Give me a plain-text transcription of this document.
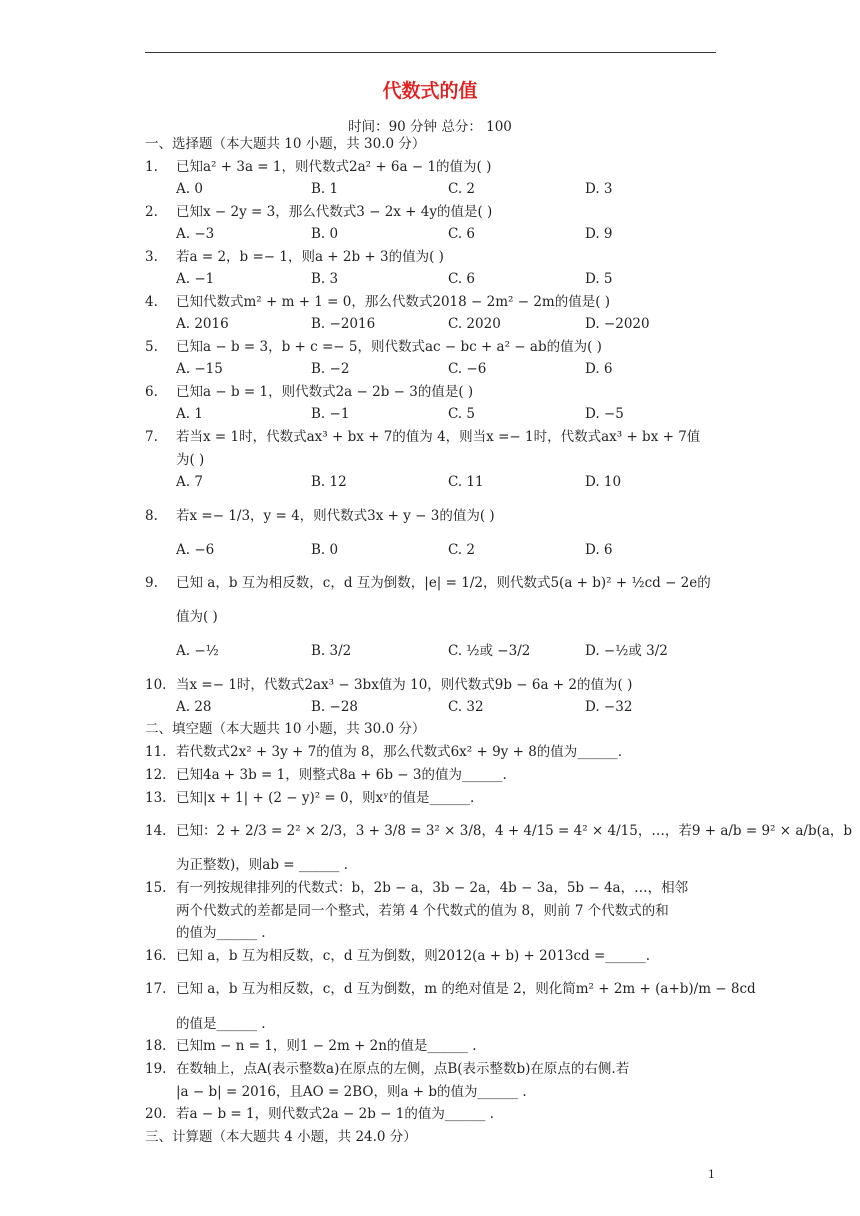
代数式的值
时间：90 分钟 总分： 100
一、选择题（本大题共 10 小题，共 30.0 分）
1. 已知a² + 3a = 1，则代数式2a² + 6a − 1的值为( )
A. 0	B. 1	C. 2	D. 3
2. 已知x − 2y = 3，那么代数式3 − 2x + 4y的值是( )
A. −3	B. 0	C. 6	D. 9
3. 若a = 2，b =− 1，则a + 2b + 3的值为( )
A. −1	B. 3	C. 6	D. 5
4. 已知代数式m² + m + 1 = 0，那么代数式2018 − 2m² − 2m的值是( )
A. 2016	B. −2016	C. 2020	D. −2020
5. 已知a − b = 3，b + c =− 5，则代数式ac − bc + a² − ab的值为( )
A. −15	B. −2	C. −6	D. 6
6. 已知a − b = 1，则代数式2a − 2b − 3的值是( )
A. 1	B. −1	C. 5	D. −5
7. 若当x = 1时，代数式ax³ + bx + 7的值为 4，则当x =− 1时，代数式ax³ + bx + 7值
为( )
A. 7	B. 12	C. 11	D. 10
8. 若x =− 1/3，y = 4，则代数式3x + y − 3的值为( )
A. −6	B. 0	C. 2	D. 6
9. 已知 a，b 互为相反数，c，d 互为倒数，|e| = 1/2，则代数式5(a + b)² + ½cd − 2e的
值为( )
A. −½	B. 3/2	C. ½或 −3/2	D. −½或 3/2
10. 当x =− 1时，代数式2ax³ − 3bx值为 10，则代数式9b − 6a + 2的值为( )
A. 28	B. −28	C. 32	D. −32
二、填空题（本大题共 10 小题，共 30.0 分）
11. 若代数式2x² + 3y + 7的值为 8，那么代数式6x² + 9y + 8的值为______.
12. 已知4a + 3b = 1，则整式8a + 6b − 3的值为______.
13. 已知|x + 1| + (2 − y)² = 0，则xʸ的值是______.
14. 已知：2 + 2/3 = 2² × 2/3，3 + 3/8 = 3² × 3/8，4 + 4/15 = 4² × 4/15，…，若9 + a/b = 9² × a/b(a，b
为正整数)，则ab = ______ .
15. 有一列按规律排列的代数式：b，2b − a，3b − 2a，4b − 3a，5b − 4a，…，相邻
两个代数式的差都是同一个整式，若第 4 个代数式的值为 8，则前 7 个代数式的和
的值为______ .
16. 已知 a，b 互为相反数，c，d 互为倒数，则2012(a + b) + 2013cd =______.
17. 已知 a，b 互为相反数，c，d 互为倒数，m 的绝对值是 2，则化简m² + 2m + (a+b)/m − 8cd
的值是______ .
18. 已知m − n = 1，则1 − 2m + 2n的值是______ .
19. 在数轴上，点A(表示整数a)在原点的左侧，点B(表示整数b)在原点的右侧.若
|a − b| = 2016，且AO = 2BO，则a + b的值为______ .
20. 若a − b = 1，则代数式2a − 2b − 1的值为______ .
三、计算题（本大题共 4 小题，共 24.0 分）
1
